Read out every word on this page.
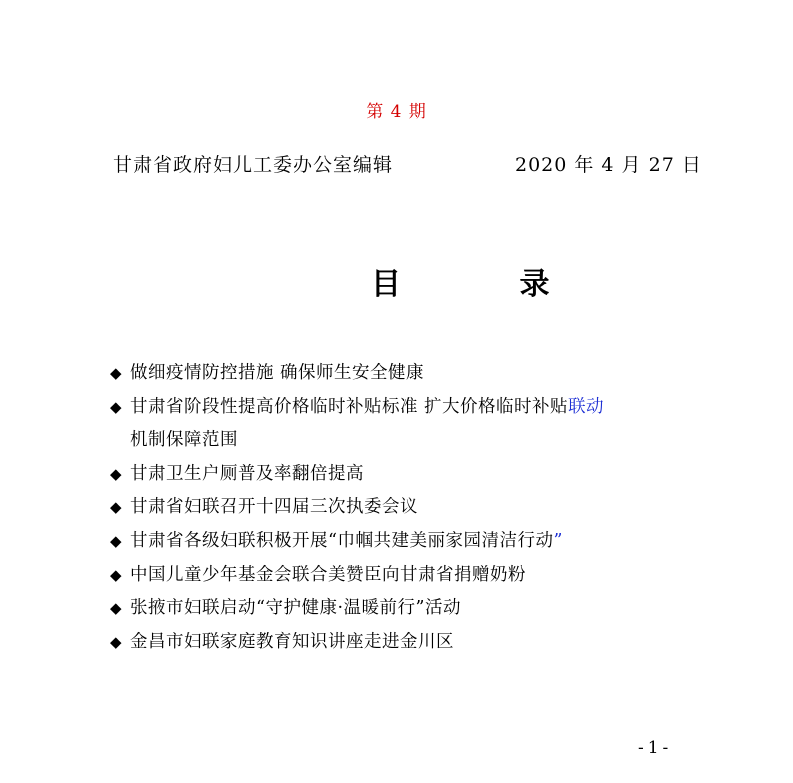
第 4 期
甘肃省政府妇儿工委办公室编辑	2020 年 4 月 27 日
目 录
◆ 做细疫情防控措施 确保师生安全健康
◆ 甘肃省阶段性提高价格临时补贴标准 扩大价格临时补贴联动
机制保障范围
◆ 甘肃卫生户厕普及率翻倍提高
◆ 甘肃省妇联召开十四届三次执委会议
◆ 甘肃省各级妇联积极开展“巾帼共建美丽家园清洁行动”
◆ 中国儿童少年基金会联合美赞臣向甘肃省捐赠奶粉
◆ 张掖市妇联启动“守护健康·温暖前行”活动
◆ 金昌市妇联家庭教育知识讲座走进金川区
-1-
